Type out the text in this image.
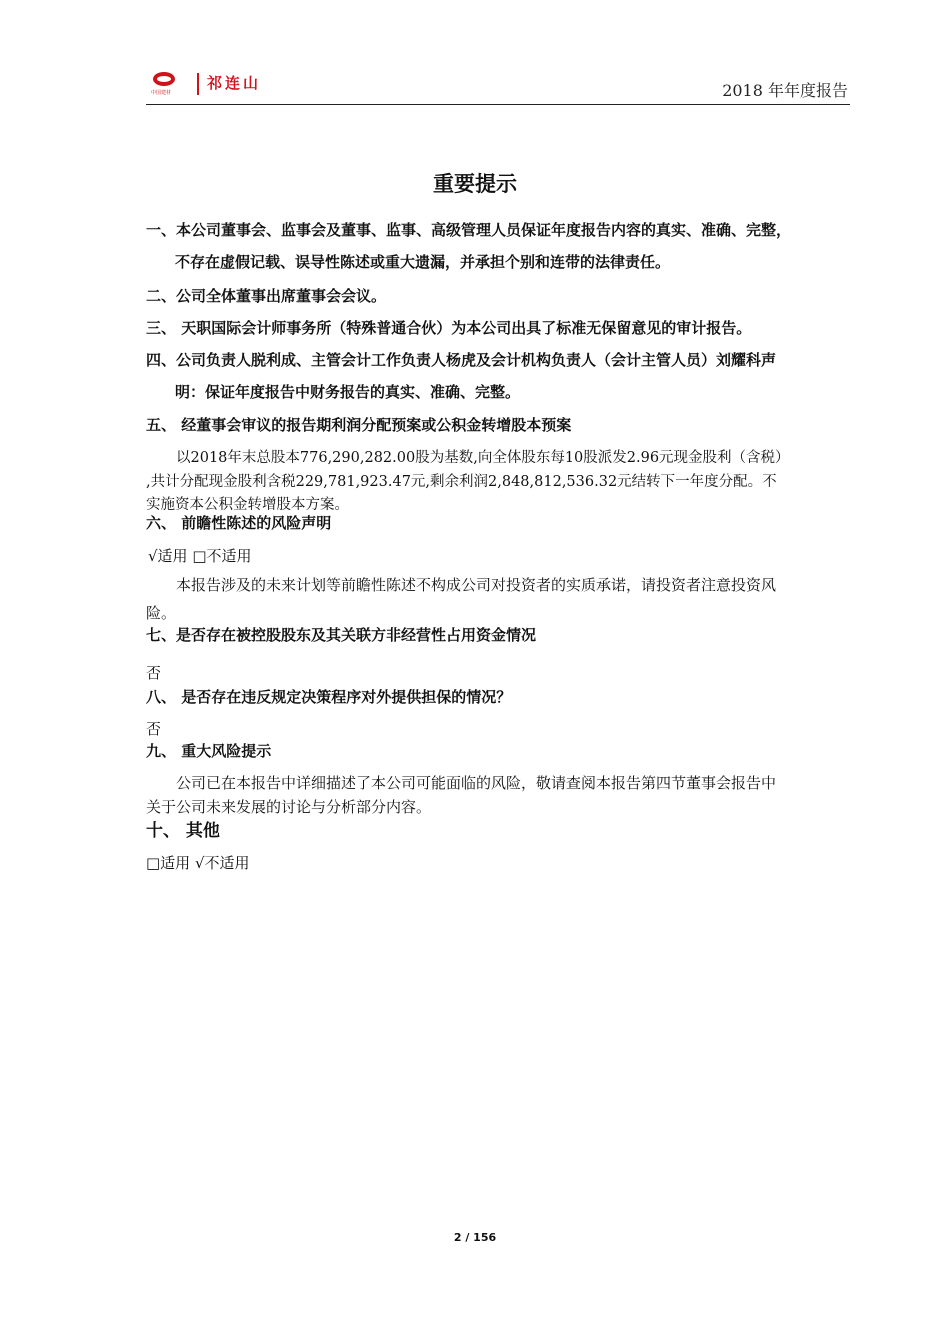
中国建材
祁连山	2018 年年度报告
重要提示
一、本公司董事会、监事会及董事、监事、高级管理人员保证年度报告内容的真实、准确、完整，
不存在虚假记载、误导性陈述或重大遗漏，并承担个别和连带的法律责任。
二、公司全体董事出席董事会会议。
三、 天职国际会计师事务所（特殊普通合伙）为本公司出具了标准无保留意见的审计报告。
四、公司负责人脱利成、主管会计工作负责人杨虎及会计机构负责人（会计主管人员）刘耀科声
明：保证年度报告中财务报告的真实、准确、完整。
五、 经董事会审议的报告期利润分配预案或公积金转增股本预案
以2018年末总股本776,290,282.00股为基数,向全体股东每10股派发2.96元现金股利（含税）
,共计分配现金股利含税229,781,923.47元,剩余利润2,848,812,536.32元结转下一年度分配。不
实施资本公积金转增股本方案。
六、 前瞻性陈述的风险声明
√适用 □不适用
本报告涉及的未来计划等前瞻性陈述不构成公司对投资者的实质承诺，请投资者注意投资风
险。
七、是否存在被控股股东及其关联方非经营性占用资金情况
否
八、 是否存在违反规定决策程序对外提供担保的情况？
否
九、 重大风险提示
公司已在本报告中详细描述了本公司可能面临的风险，敬请查阅本报告第四节董事会报告中
关于公司未来发展的讨论与分析部分内容。
十、 其他
□适用 √不适用
2 / 156
